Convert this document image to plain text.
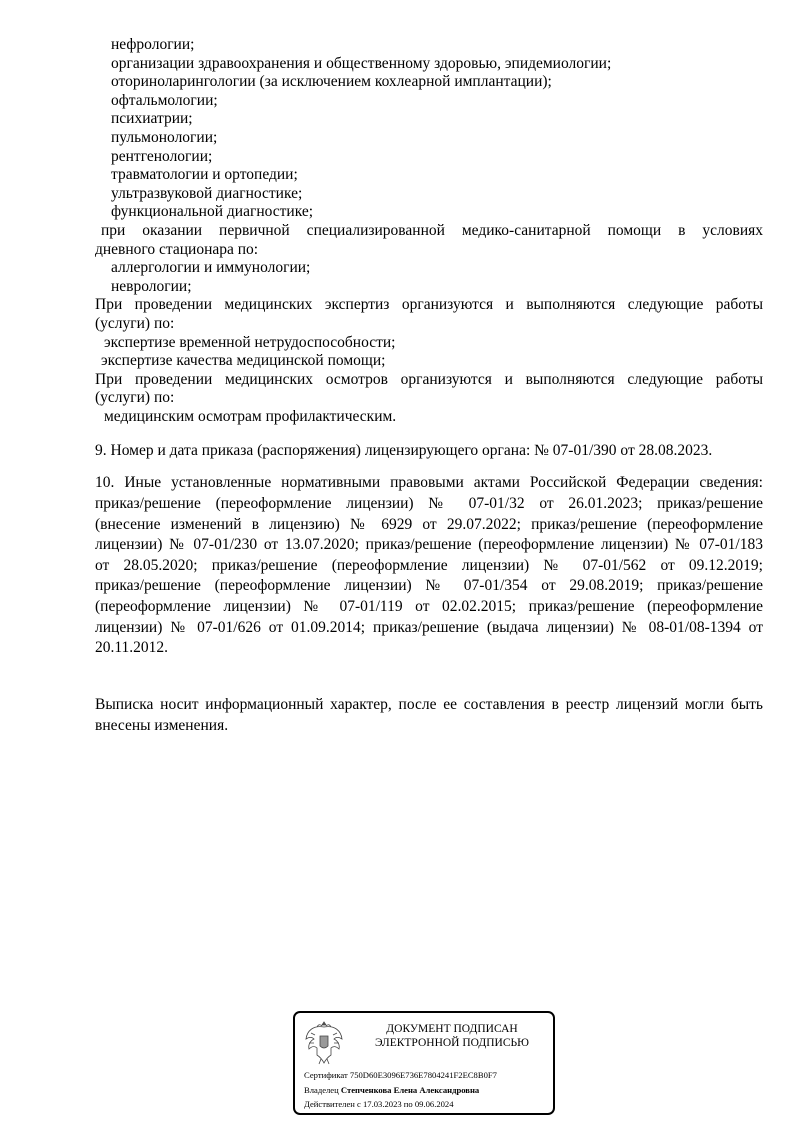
нефрологии;
организации здравоохранения и общественному здоровью, эпидемиологии;
оториноларингологии (за исключением кохлеарной имплантации);
офтальмологии;
психиатрии;
пульмонологии;
рентгенологии;
травматологии и ортопедии;
ультразвуковой диагностике;
функциональной диагностике;
при оказании первичной специализированной медико-санитарной помощи в условиях
дневного стационара по:
аллергологии и иммунологии;
неврологии;
При проведении медицинских экспертиз организуются и выполняются следующие работы
(услуги) по:
экспертизе временной нетрудоспособности;
экспертизе качества медицинской помощи;
При проведении медицинских осмотров организуются и выполняются следующие работы
(услуги) по:
медицинским осмотрам профилактическим.
9. Номер и дата приказа (распоряжения) лицензирующего органа: № 07-01/390 от 28.08.2023.
10. Иные установленные нормативными правовыми актами Российской Федерации сведения:
приказ/решение (переоформление лицензии) № 07-01/32 от 26.01.2023; приказ/решение
(внесение изменений в лицензию) № 6929 от 29.07.2022; приказ/решение (переоформление
лицензии) № 07-01/230 от 13.07.2020; приказ/решение (переоформление лицензии) № 07-01/183
от 28.05.2020; приказ/решение (переоформление лицензии) № 07-01/562 от 09.12.2019;
приказ/решение (переоформление лицензии) № 07-01/354 от 29.08.2019; приказ/решение
(переоформление лицензии) № 07-01/119 от 02.02.2015; приказ/решение (переоформление
лицензии) № 07-01/626 от 01.09.2014; приказ/решение (выдача лицензии) № 08-01/08-1394 от
20.11.2012.
Выписка носит информационный характер, после ее составления в реестр лицензий могли быть
внесены изменения.
ДОКУМЕНТ ПОДПИСАН
ЭЛЕКТРОННОЙ ПОДПИСЬЮ
Сертификат 750D60E3096E736E7804241F2EC8B0F7
Владелец Степченкова Елена Александровна
Действителен с 17.03.2023 по 09.06.2024
